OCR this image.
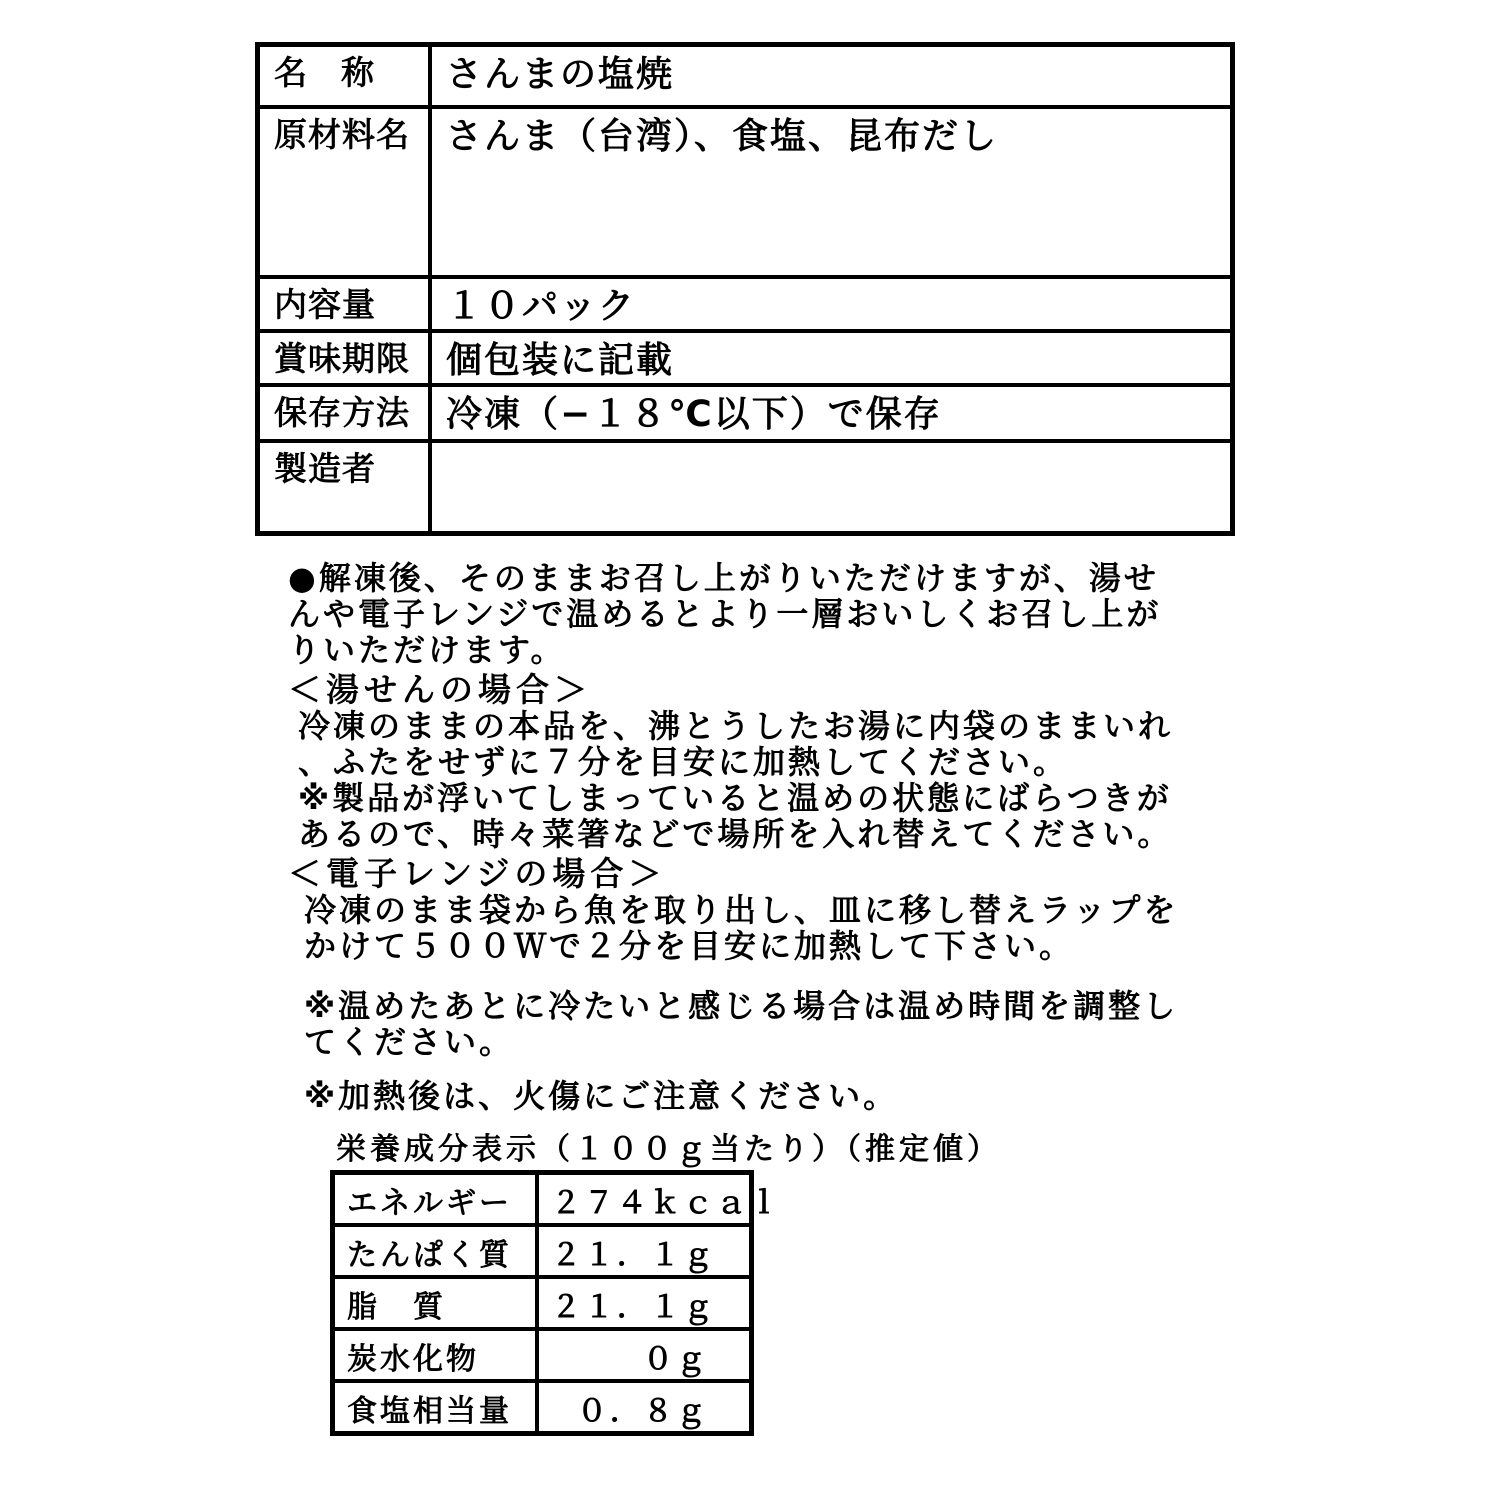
名称	さんまの塩焼
原材料名	さんま（台湾）、食塩、昆布だし
内容量	１０パック
賞味期限	個包装に記載
保存方法	冷凍（−１８℃以下）で保存
製造者	

●解凍後、そのままお召し上がりいただけますが、湯せ
んや電子レンジで温めるとより一層おいしくお召し上が
りいただけます。

＜湯せんの場合＞

冷凍のままの本品を、沸とうしたお湯に内袋のままいれ
、ふたをせずに７分を目安に加熱してください。

※製品が浮いてしまっていると温めの状態にばらつきが
あるので、時々菜箸などで場所を入れ替えてください。

＜電子レンジの場合＞

冷凍のまま袋から魚を取り出し、皿に移し替えラップを
かけて５００Ｗで２分を目安に加熱して下さい。

※温めたあとに冷たいと感じる場合は温め時間を調整し
てください。

※加熱後は、火傷にご注意ください。

栄養成分表示（１００ｇ当たり）（推定値）
エネルギー	２７４ｋｃａｌ
たんぱく質	２１．１ｇ
脂　質	２１．１ｇ
炭水化物	０ｇ
食塩相当量	０．８ｇ
